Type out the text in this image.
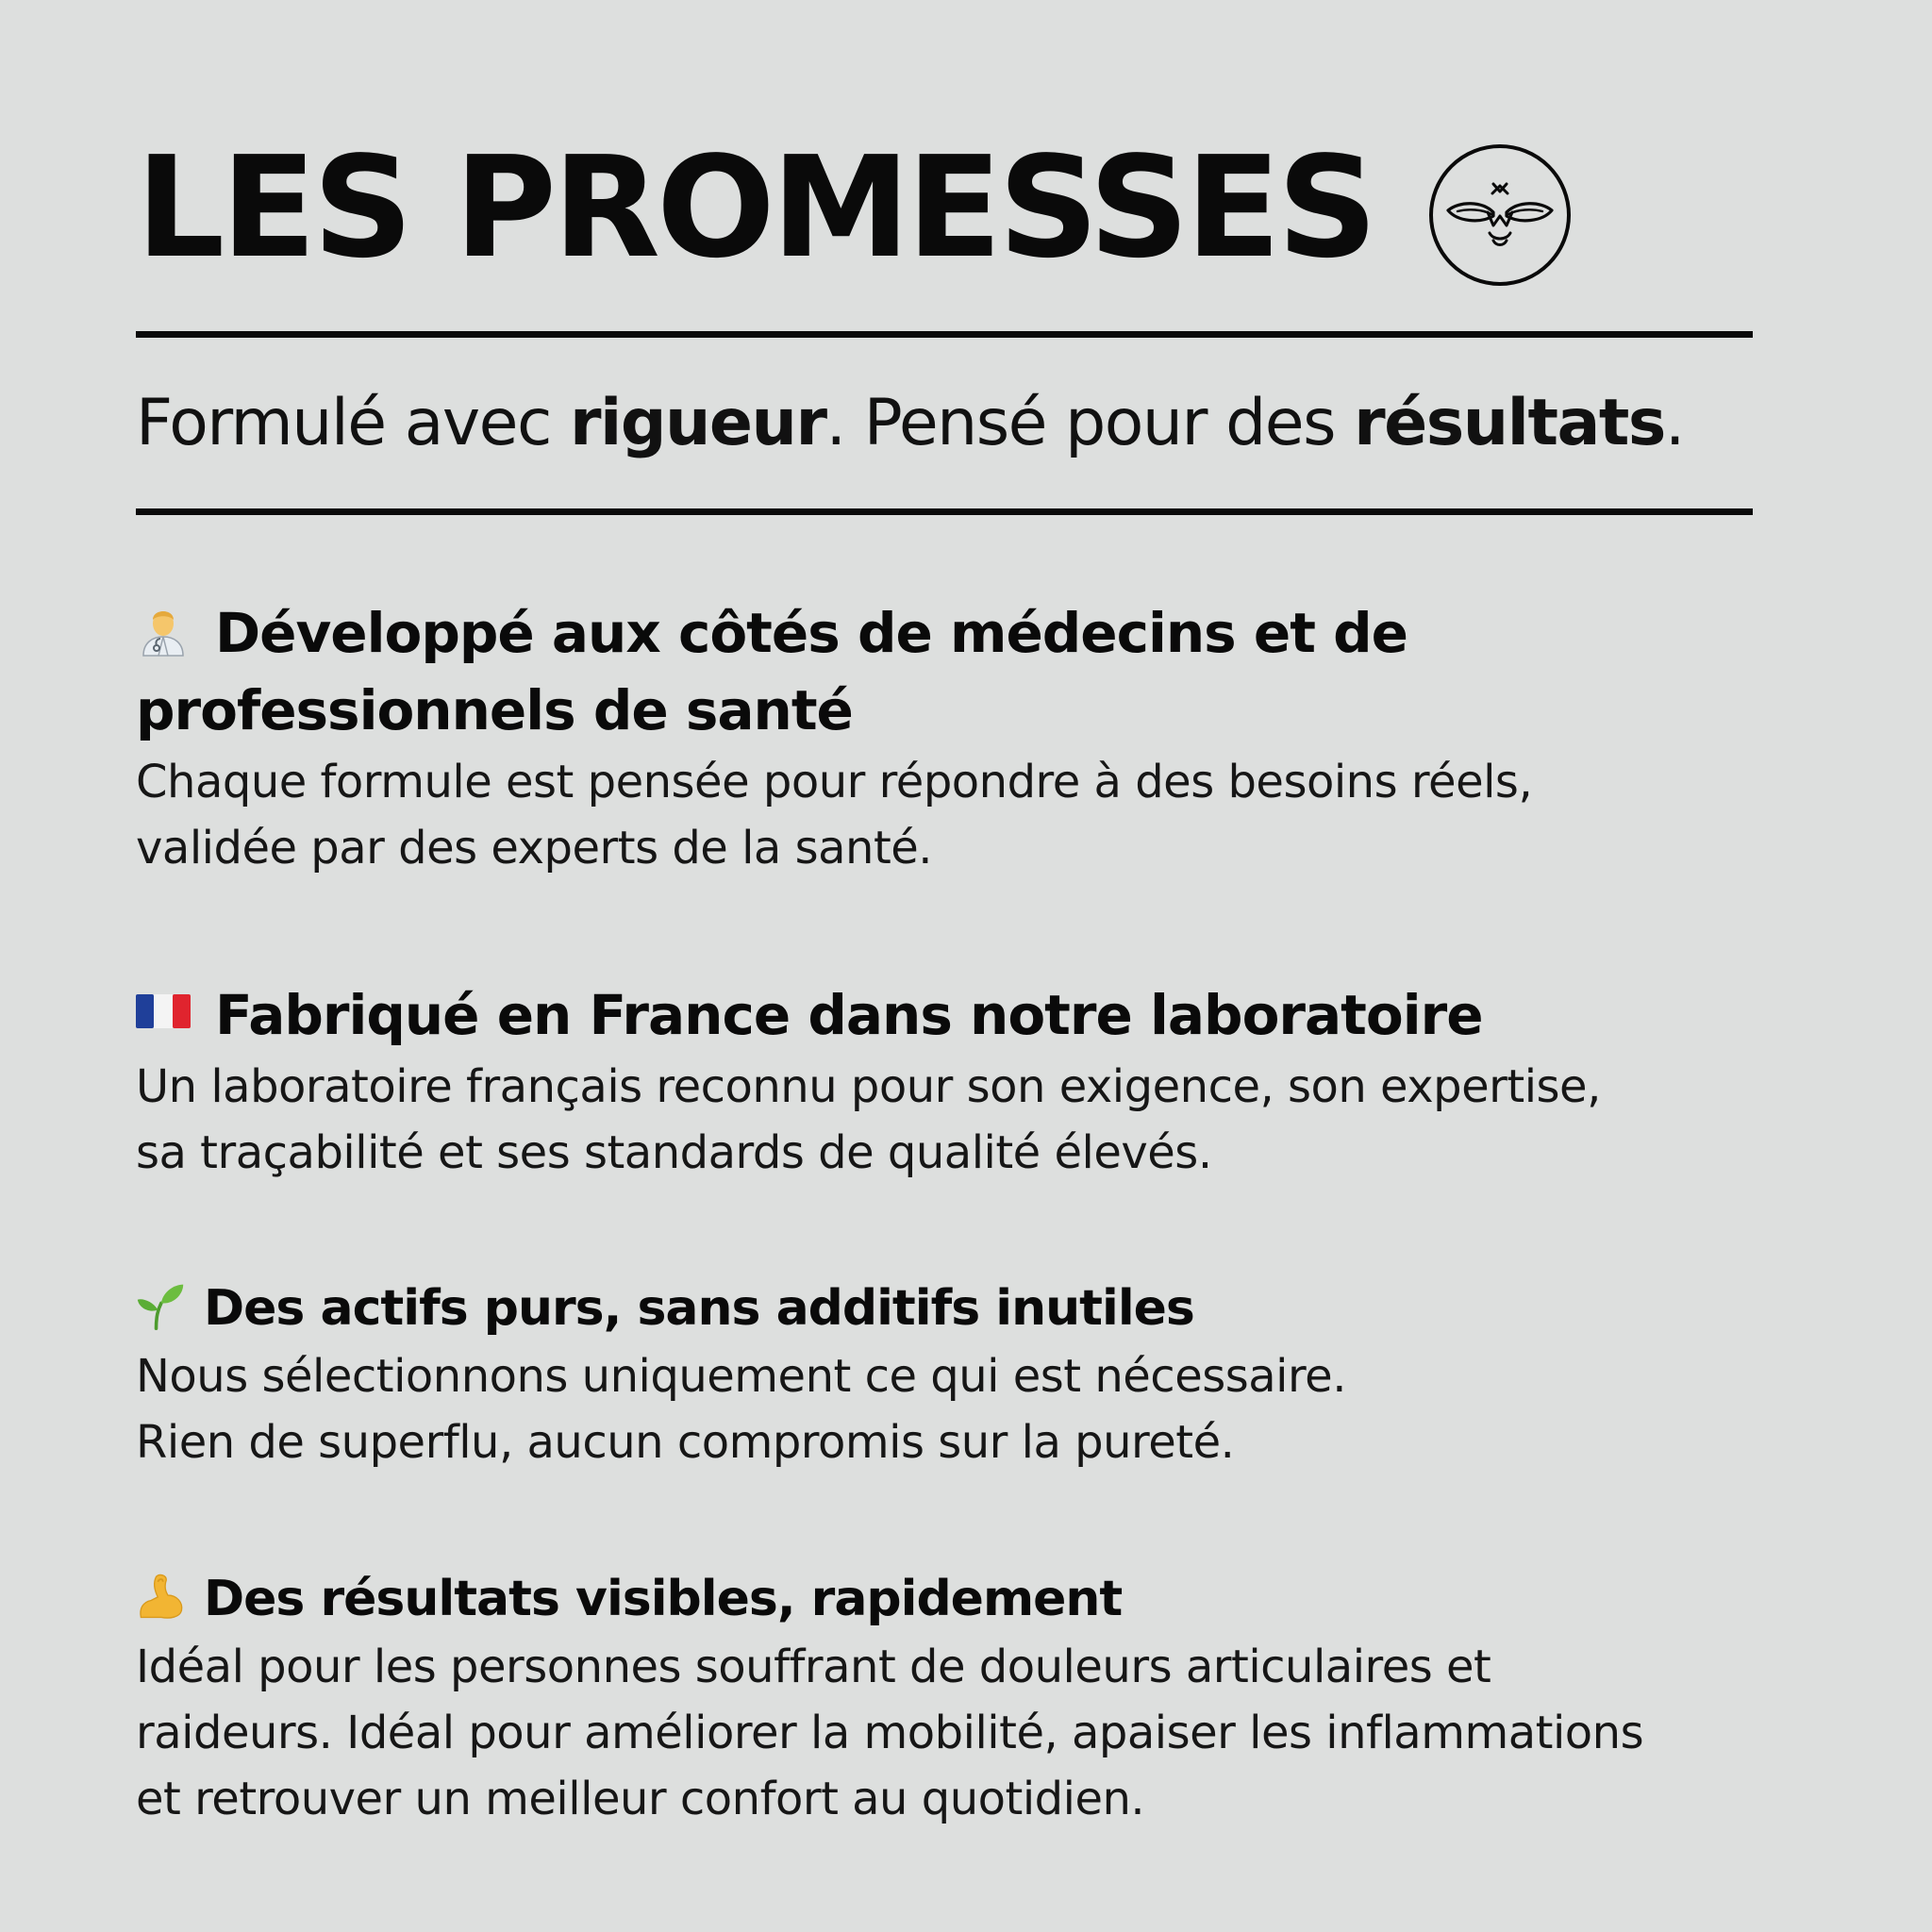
LES PROMESSES

Formulé avec rigueur. Pensé pour des résultats.

Développé aux côtés de médecins et de
professionnels de santé

Chaque formule est pensée pour répondre à des besoins réels,
validée par des experts de la santé.

Fabriqué en France dans notre laboratoire

Un laboratoire français reconnu pour son exigence, son expertise,
sa traçabilité et ses standards de qualité élevés.

Des actifs purs, sans additifs inutiles

Nous sélectionnons uniquement ce qui est nécessaire.
Rien de superflu, aucun compromis sur la pureté.

Des résultats visibles, rapidement

Idéal pour les personnes souffrant de douleurs articulaires et
raideurs. Idéal pour améliorer la mobilité, apaiser les inflammations
et retrouver un meilleur confort au quotidien.
